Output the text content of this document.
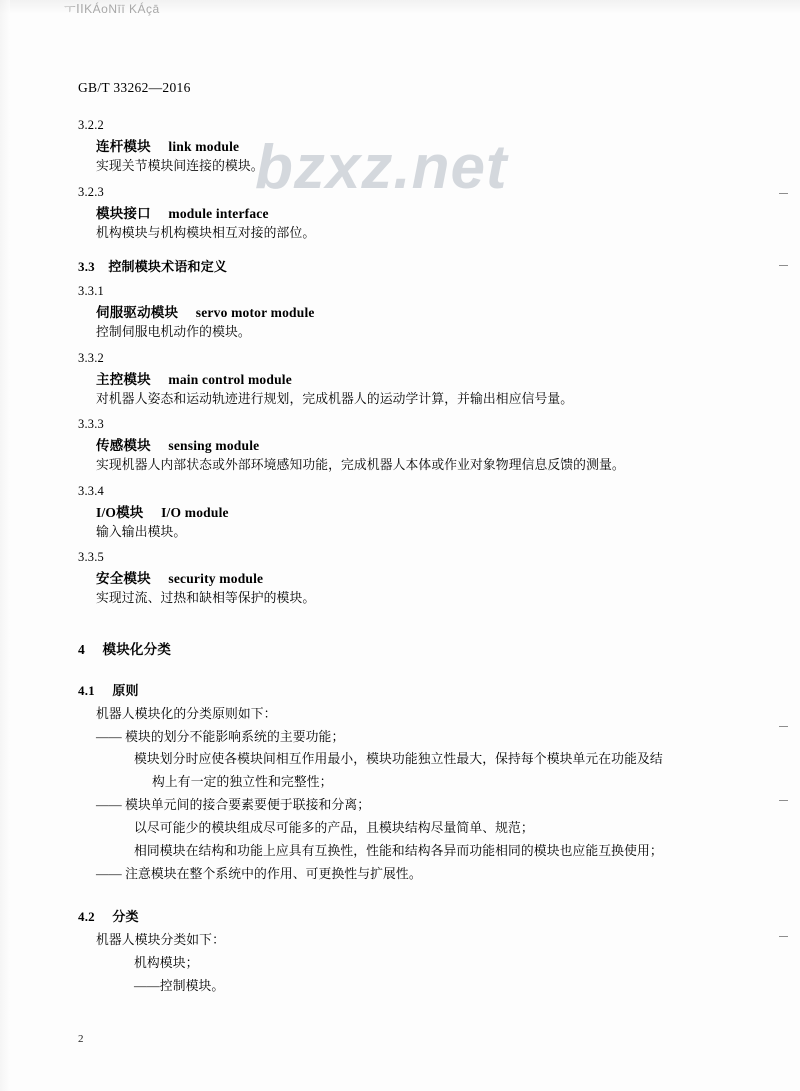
ㅜⅠⅠKÁoNīī KÁçā
bzxz.net
GB/T 33262—2016
3.2.2
连杆模块 link module
实现关节模块间连接的模块。
3.2.3
模块接口 module interface
机构模块与机构模块相互对接的部位。
3.3 控制模块术语和定义
3.3.1
伺服驱动模块 servo motor module
控制伺服电机动作的模块。
3.3.2
主控模块 main control module
对机器人姿态和运动轨迹进行规划，完成机器人的运动学计算，并输出相应信号量。
3.3.3
传感模块 sensing module
实现机器人内部状态或外部环境感知功能，完成机器人本体或作业对象物理信息反馈的测量。
3.3.4
I/O模块 I/O module
输入输出模块。
3.3.5
安全模块 security module
实现过流、过热和缺相等保护的模块。
4 模块化分类
4.1 原则
机器人模块化的分类原则如下：
—— 模块的划分不能影响系统的主要功能；
模块划分时应使各模块间相互作用最小，模块功能独立性最大，保持每个模块单元在功能及结
构上有一定的独立性和完整性；
—— 模块单元间的接合要素要便于联接和分离；
以尽可能少的模块组成尽可能多的产品，且模块结构尽量简单、规范；
相同模块在结构和功能上应具有互换性，性能和结构各异而功能相同的模块也应能互换使用；
—— 注意模块在整个系统中的作用、可更换性与扩展性。
4.2 分类
机器人模块分类如下：
机构模块；
——控制模块。
2
